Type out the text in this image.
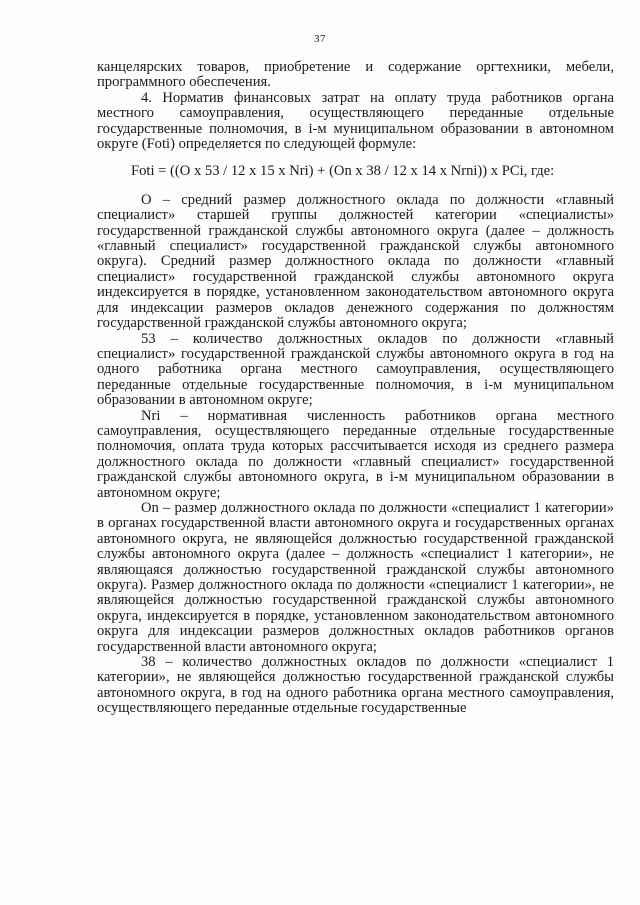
37

канцелярских товаров, приобретение и содержание оргтехники, мебели, программного обеспечения.

4. Норматив финансовых затрат на оплату труда работников органа местного самоуправления, осуществляющего переданные отдельные государственные полномочия, в i-м муниципальном образовании в автономном округе (Foti) определяется по следующей формуле:

Foti = ((O x 53 / 12 x 15 x Nri) + (On x 38 / 12 x 14 x Nrni)) x PCi, где:

О – средний размер должностного оклада по должности «главный специалист» старшей группы должностей категории «специалисты» государственной гражданской службы автономного округа (далее – должность «главный специалист» государственной гражданской службы автономного округа). Средний размер должностного оклада по должности «главный специалист» государственной гражданской службы автономного округа индексируется в порядке, установленном законодательством автономного округа для индексации размеров окладов денежного содержания по должностям государственной гражданской службы автономного округа;

53 – количество должностных окладов по должности «главный специалист» государственной гражданской службы автономного округа в год на одного работника органа местного самоуправления, осуществляющего переданные отдельные государственные полномочия, в i-м муниципальном образовании в автономном округе;

Nri – нормативная численность работников органа местного самоуправления, осуществляющего переданные отдельные государственные полномочия, оплата труда которых рассчитывается исходя из среднего размера должностного оклада по должности «главный специалист» государственной гражданской службы автономного округа, в i-м муниципальном образовании в автономном округе;

On – размер должностного оклада по должности «специалист 1 категории» в органах государственной власти автономного округа и государственных органах автономного округа, не являющейся должностью государственной гражданской службы автономного округа (далее – должность «специалист 1 категории», не являющаяся должностью государственной гражданской службы автономного округа). Размер должностного оклада по должности «специалист 1 категории», не являющейся должностью государственной гражданской службы автономного округа, индексируется в порядке, установленном законодательством автономного округа для индексации размеров должностных окладов работников органов государственной власти автономного округа;

38 – количество должностных окладов по должности «специалист 1 категории», не являющейся должностью государственной гражданской службы автономного округа, в год на одного работника органа местного самоуправления, осуществляющего переданные отдельные государственные
